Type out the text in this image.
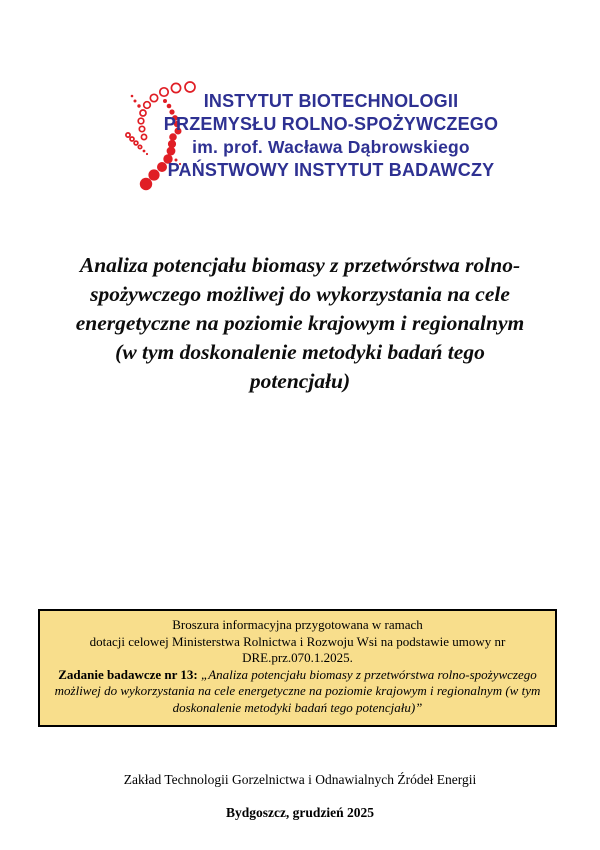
INSTYTUT BIOTECHNOLOGII
PRZEMYSŁU ROLNO-SPOŻYWCZEGO
im. prof. Wacława Dąbrowskiego
PAŃSTWOWY INSTYTUT BADAWCZY
Analiza potencjału biomasy z przetwórstwa rolno-
spożywczego możliwej do wykorzystania na cele
energetyczne na poziomie krajowym i regionalnym
(w tym doskonalenie metodyki badań tego
potencjału)
Broszura informacyjna przygotowana w ramach
dotacji celowej Ministerstwa Rolnictwa i Rozwoju Wsi na podstawie umowy nr
DRE.prz.070.1.2025.
Zadanie badawcze nr 13: „Analiza potencjału biomasy z przetwórstwa rolno-spożywczego możliwej do wykorzystania na cele energetyczne na poziomie krajowym i regionalnym (w tym doskonalenie metodyki badań tego potencjału)”
Zakład Technologii Gorzelnictwa i Odnawialnych Źródeł Energii
Bydgoszcz, grudzień 2025
